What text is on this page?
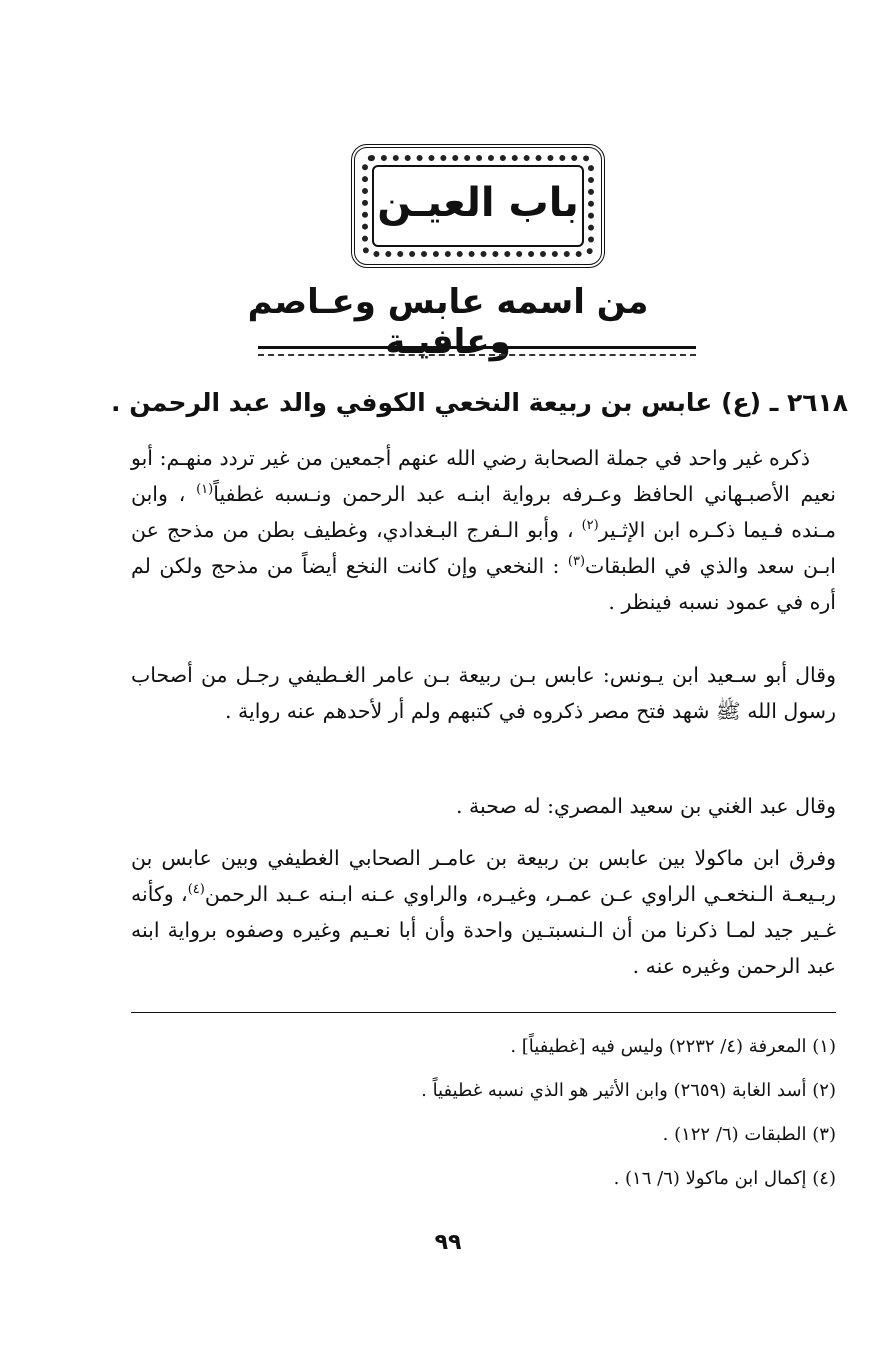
باب العيـن
من اسمه عابس وعـاصم وعافيـة
٢٦١٨ ـ (ع) عابس بن ربيعة النخعي الكوفي والد عبد الرحمن .
ذكره غير واحد في جملة الصحابة رضي الله عنهم أجمعين من غير تردد منهـم: أبو نعيم الأصبـهاني الحافظ وعـرفه برواية ابنـه عبد الرحمن ونـسبه غطفياً$^{(١)}$ ، وابن مـنده فـيما ذكـره ابن الإثـير$^{(٢)}$ ، وأبو الـفرج البـغدادي، وغطيف بطن من مذحج عن ابـن سعد والذي في الطبقات$^{(٣)}$ : النخعي وإن كانت النخع أيضاً من مذحج ولكن لم أره في عمود نسبه فينظر .
وقال أبو سـعيد ابن يـونس: عابس بـن ربيعة بـن عامر الغـطيفي رجـل من أصحاب رسول الله ﷺ شهد فتح مصر ذكروه في كتبهم ولم أر لأحدهم عنه رواية .
وقال عبد الغني بن سعيد المصري: له صحبة .
وفرق ابن ماكولا بين عابس بن ربيعة بن عامـر الصحابي الغطيفي وبين عابس بن ربـيعـة الـنخعـي الراوي عـن عمـر، وغيـره، والراوي عـنه ابـنه عـبد الرحمن$^{(٤)}$، وكأنه غـير جيد لمـا ذكرنا من أن الـنسبتـين واحدة وأن أبا نعـيم وغيره وصفوه برواية ابنه عبد الرحمن وغيره عنه .
(١) المعرفة (٤/ ٢٢٣٢) وليس فيه [غطيفياً] .
(٢) أسد الغابة (٢٦٥٩) وابن الأثير هو الذي نسبه غطيفياً .
(٣) الطبقات (٦/ ١٢٢) .
(٤) إكمال ابن ماكولا (٦/ ١٦) .
٩٩
